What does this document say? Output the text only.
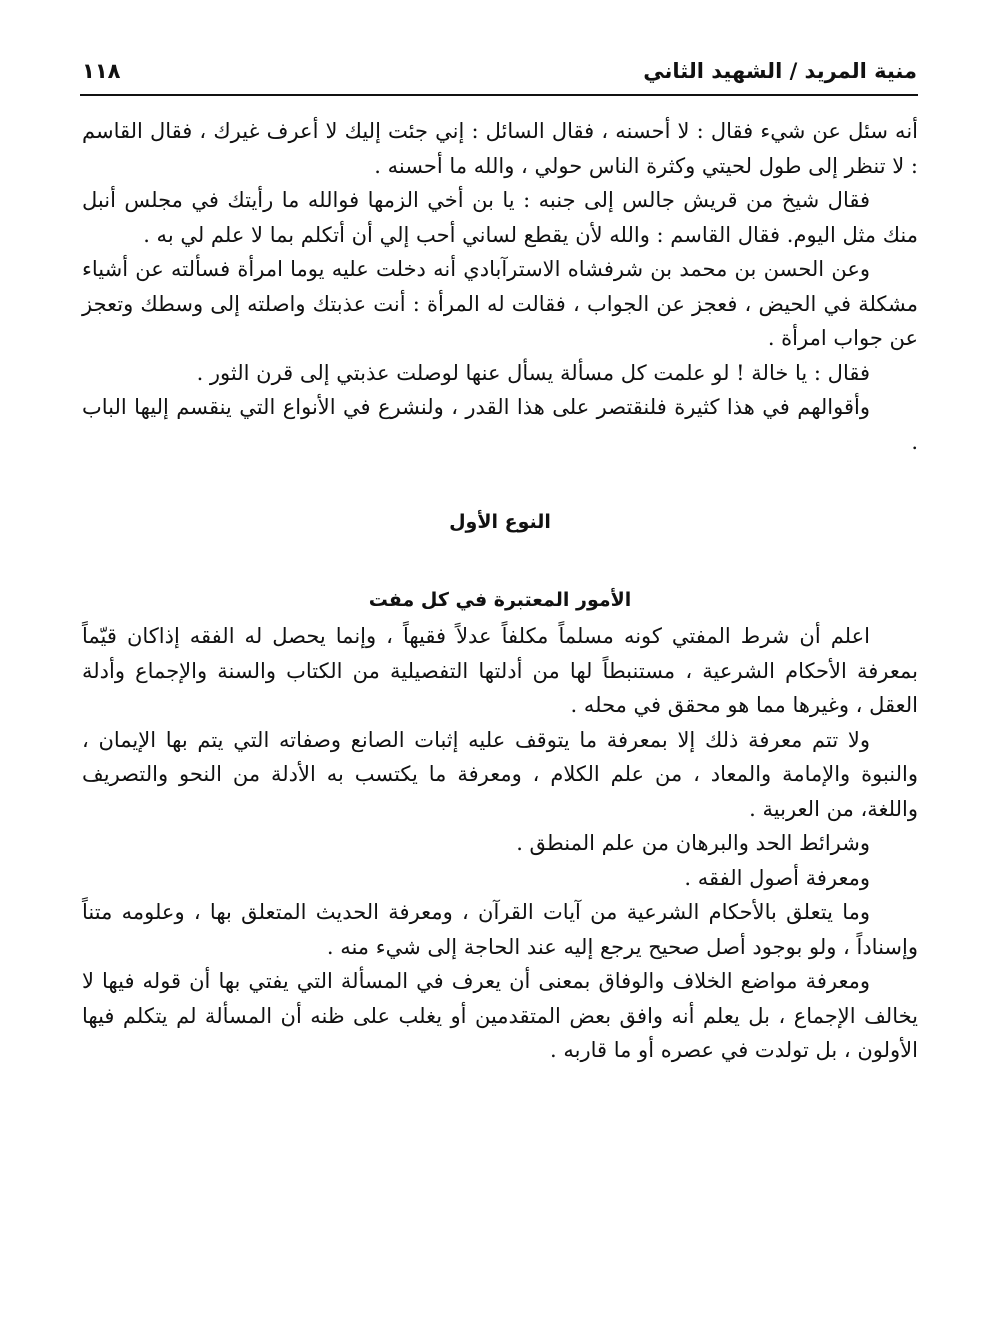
منية المريد / الشهيد الثاني
١١٨

أنه سئل عن شيء فقال : لا أحسنه ، فقال السائل : إني جئت إليك لا أعرف غيرك ، فقال القاسم : لا تنظر إلى طول لحيتي وكثرة الناس حولي ، والله ما أحسنه .

فقال شيخ من قريش جالس إلى جنبه : يا بن أخي الزمها فوالله ما رأيتك في مجلس أنبل منك مثل اليوم. فقال القاسم : والله لأن يقطع لساني أحب إلي أن أتكلم بما لا علم لي به .

وعن الحسن بن محمد بن شرفشاه الاسترآبادي أنه دخلت عليه يوما امرأة فسألته عن أشياء مشكلة في الحيض ، فعجز عن الجواب ، فقالت له المرأة : أنت عذبتك واصلته إلى وسطك وتعجز عن جواب امرأة .

فقال : يا خالة ! لو علمت كل مسألة يسأل عنها لوصلت عذبتي إلى قرن الثور .

وأقوالهم في هذا كثيرة فلنقتصر على هذا القدر ، ولنشرع في الأنواع التي ينقسم إليها الباب .

النوع الأول
الأمور المعتبرة في كل مفت

اعلم أن شرط المفتي كونه مسلماً مكلفاً عدلاً فقيهاً ، وإنما يحصل له الفقه إذاكان قيّماً بمعرفة الأحكام الشرعية ، مستنبطاً لها من أدلتها التفصيلية من الكتاب والسنة والإجماع وأدلة العقل ، وغيرها مما هو محقق في محله .

ولا تتم معرفة ذلك إلا بمعرفة ما يتوقف عليه إثبات الصانع وصفاته التي يتم بها الإيمان ، والنبوة والإمامة والمعاد ، من علم الكلام ، ومعرفة ما يكتسب به الأدلة من النحو والتصريف واللغة، من العربية .

وشرائط الحد والبرهان من علم المنطق .

ومعرفة أصول الفقه .

وما يتعلق بالأحكام الشرعية من آيات القرآن ، ومعرفة الحديث المتعلق بها ، وعلومه متناً وإسناداً ، ولو بوجود أصل صحيح يرجع إليه عند الحاجة إلى شيء منه .

ومعرفة مواضع الخلاف والوفاق بمعنى أن يعرف في المسألة التي يفتي بها أن قوله فيها لا يخالف الإجماع ، بل يعلم أنه وافق بعض المتقدمين أو يغلب على ظنه أن المسألة لم يتكلم فيها الأولون ، بل تولدت في عصره أو ما قاربه .
